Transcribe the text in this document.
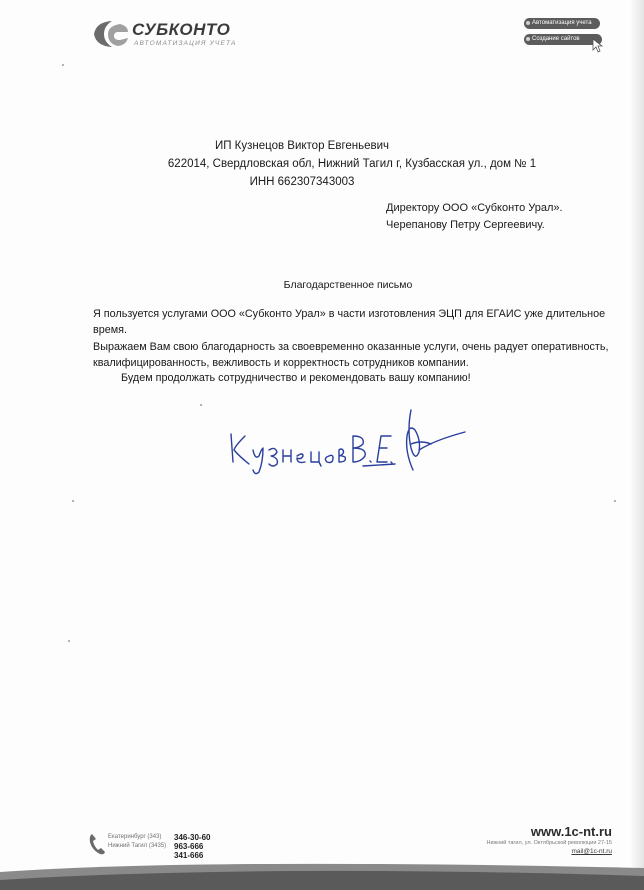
СУБКОНТО
АВТОМАТИЗАЦИЯ УЧЕТА
Автоматизация учета
Создание сайтов
ИП Кузнецов Виктор Евгеньевич
622014, Свердловская обл, Нижний Тагил г, Кузбасская ул., дом № 1
ИНН 662307343003
Директору ООО «Субконто Урал».
Черепанову Петру Сергеевичу.
Благодарственное письмо
Я пользуется услугами ООО «Субконто Урал» в части изготовления ЭЦП для ЕГАИС уже длительное время.
Выражаем Вам свою благодарность за своевременно оказанные услуги, очень радует оперативность, квалифицированность, вежливость и корректность сотрудников компании.
Будем продолжать сотрудничество и рекомендовать вашу компанию!
Екатеринбург (343) 346-30-60
Нижний Тагил (3435) 963-666
341-666
www.1c-nt.ru
Нижний тагил, ул. Октябрьской революции 27-15
mail@1c-nt.ru
